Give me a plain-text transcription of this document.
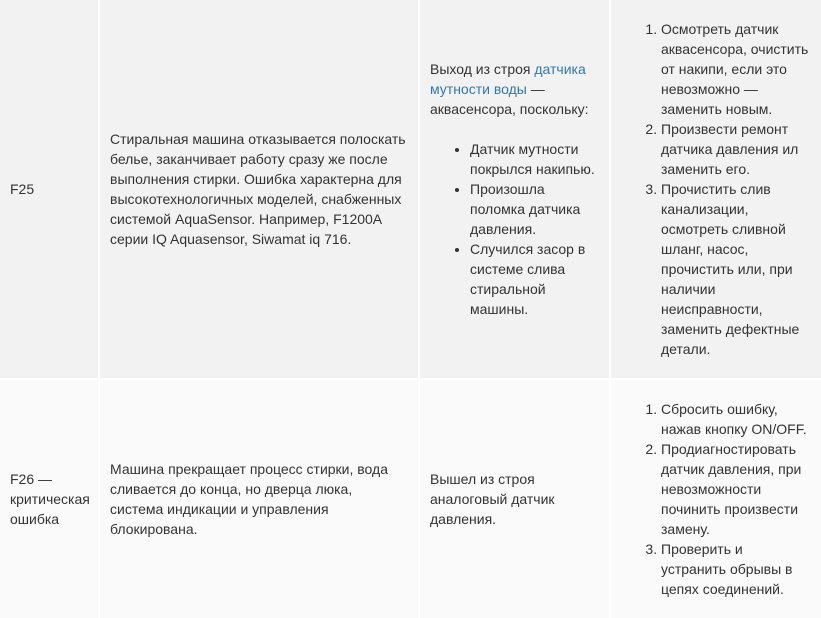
F25

Стиральная машина отказывается полоскать белье, заканчивает работу сразу же после выполнения стирки. Ошибка характерна для высокотехнологичных моделей, снабженных системой AquaSensor. Например, F1200A серии IQ Aquasensor, Siwamat iq 716.

Выход из строя датчика мутности воды — аквасенсора, поскольку:

• Датчик мутности покрылся накипью.
• Произошла поломка датчика давления.
• Случился засор в системе слива стиральной машины.
1. Осмотреть датчик аквасенсора, очистить от накипи, если это невозможно — заменить новым.
2. Произвести ремонт датчика давления ил заменить его.
3. Прочистить слив канализации, осмотреть сливной шланг, насос, прочистить или, при наличии неисправности, заменить дефектные детали.

F26 — критическая ошибка

Машина прекращает процесс стирки, вода сливается до конца, но дверца люка, система индикации и управления блокирована.

Вышел из строя аналоговый датчик давления.

1. Сбросить ошибку, нажав кнопку ON/OFF.
2. Продиагностировать датчик давления, при невозможности починить произвести замену.
3. Проверить и устранить обрывы в цепях соединений.
